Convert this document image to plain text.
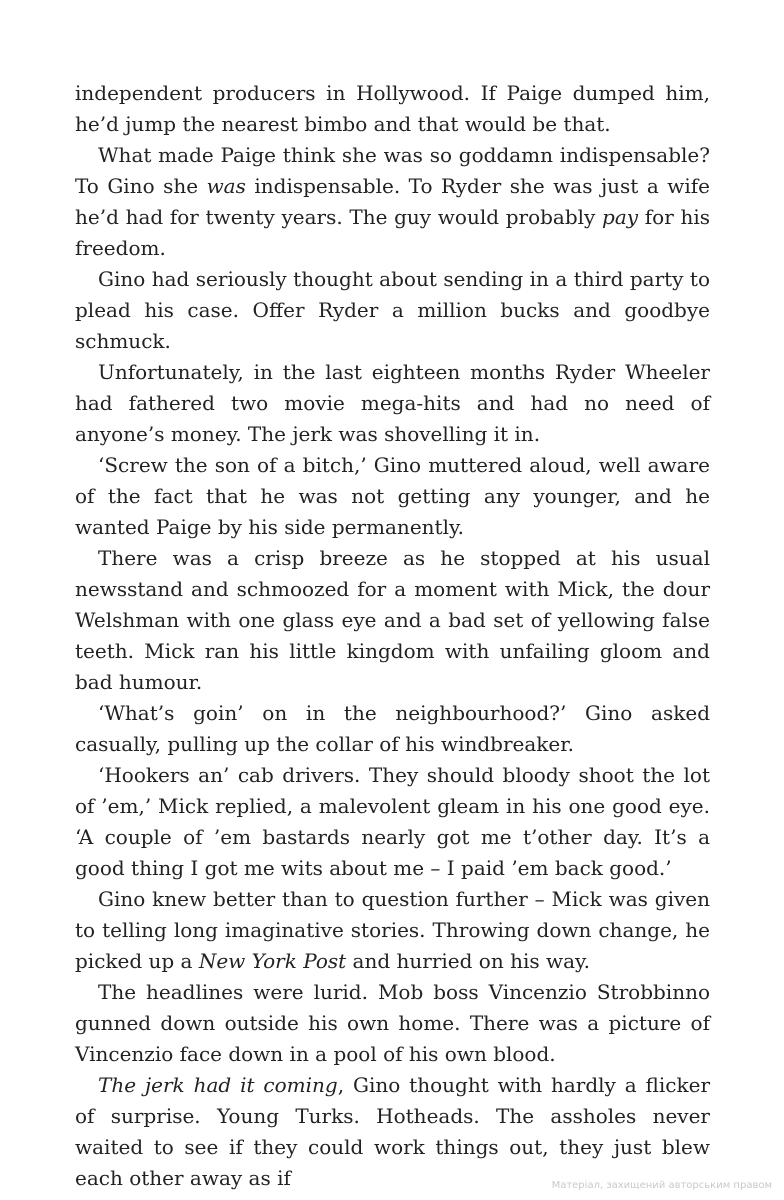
independent producers in Hollywood. If Paige dumped him, he’d jump the nearest bimbo and that would be that.

What made Paige think she was so goddamn indispensable? To Gino she was indispensable. To Ryder she was just a wife he’d had for twenty years. The guy would probably pay for his freedom.

Gino had seriously thought about sending in a third party to plead his case. Offer Ryder a million bucks and goodbye schmuck.

Unfortunately, in the last eighteen months Ryder Wheeler had fathered two movie mega-hits and had no need of anyone’s money. The jerk was shovelling it in.

‘Screw the son of a bitch,’ Gino muttered aloud, well aware of the fact that he was not getting any younger, and he wanted Paige by his side permanently.

There was a crisp breeze as he stopped at his usual newsstand and schmoozed for a moment with Mick, the dour Welshman with one glass eye and a bad set of yellowing false teeth. Mick ran his little kingdom with unfailing gloom and bad humour.

‘What’s goin’ on in the neighbourhood?’ Gino asked casually, pulling up the collar of his windbreaker.

‘Hookers an’ cab drivers. They should bloody shoot the lot of ’em,’ Mick replied, a malevolent gleam in his one good eye. ‘A couple of ’em bastards nearly got me t’other day. It’s a good thing I got me wits about me – I paid ’em back good.’

Gino knew better than to question further – Mick was given to telling long imaginative stories. Throwing down change, he picked up a New York Post and hurried on his way.

The headlines were lurid. Mob boss Vincenzio Strobbinno gunned down outside his own home. There was a picture of Vincenzio face down in a pool of his own blood.

The jerk had it coming, Gino thought with hardly a flicker of surprise. Young Turks. Hotheads. The assholes never waited to see if they could work things out, they just blew each other away as if	Матеріал, захищений авторським правом
